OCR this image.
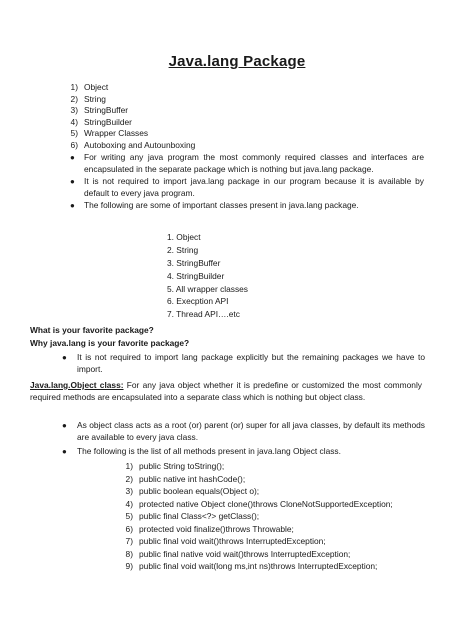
Java.lang Package
1) Object
2) String
3) StringBuffer
4) StringBuilder
5) Wrapper Classes
6) Autoboxing and Autounboxing
● For writing any java program the most commonly required classes and interfaces are encapsulated in the separate package which is nothing but java.lang package.
● It is not required to import java.lang package in our program because it is available by default to every java program.
● The following are some of important classes present in java.lang package.
1. Object
2. String
3. StringBuffer
4. StringBuilder
5. All wrapper classes
6. Execption API
7. Thread API….etc
What is your favorite package?
Why java.lang is your favorite package?
● It is not required to import lang package explicitly but the remaining packages we have to import.
Java.lang.Object class: For any java object whether it is predefine or customized the most commonly required methods are encapsulated into a separate class which is nothing but object class.
● As object class acts as a root (or) parent (or) super for all java classes, by default its methods are available to every java class.
● The following is the list of all methods present in java.lang Object class.
1) public String toString();
2) public native int hashCode();
3) public boolean equals(Object o);
4) protected native Object clone()throws CloneNotSupportedException;
5) public final Class<?> getClass();
6) protected void finalize()throws Throwable;
7) public final void wait()throws InterruptedException;
8) public final native void wait()throws InterruptedException;
9) public final void wait(long ms,int ns)throws InterruptedException;
